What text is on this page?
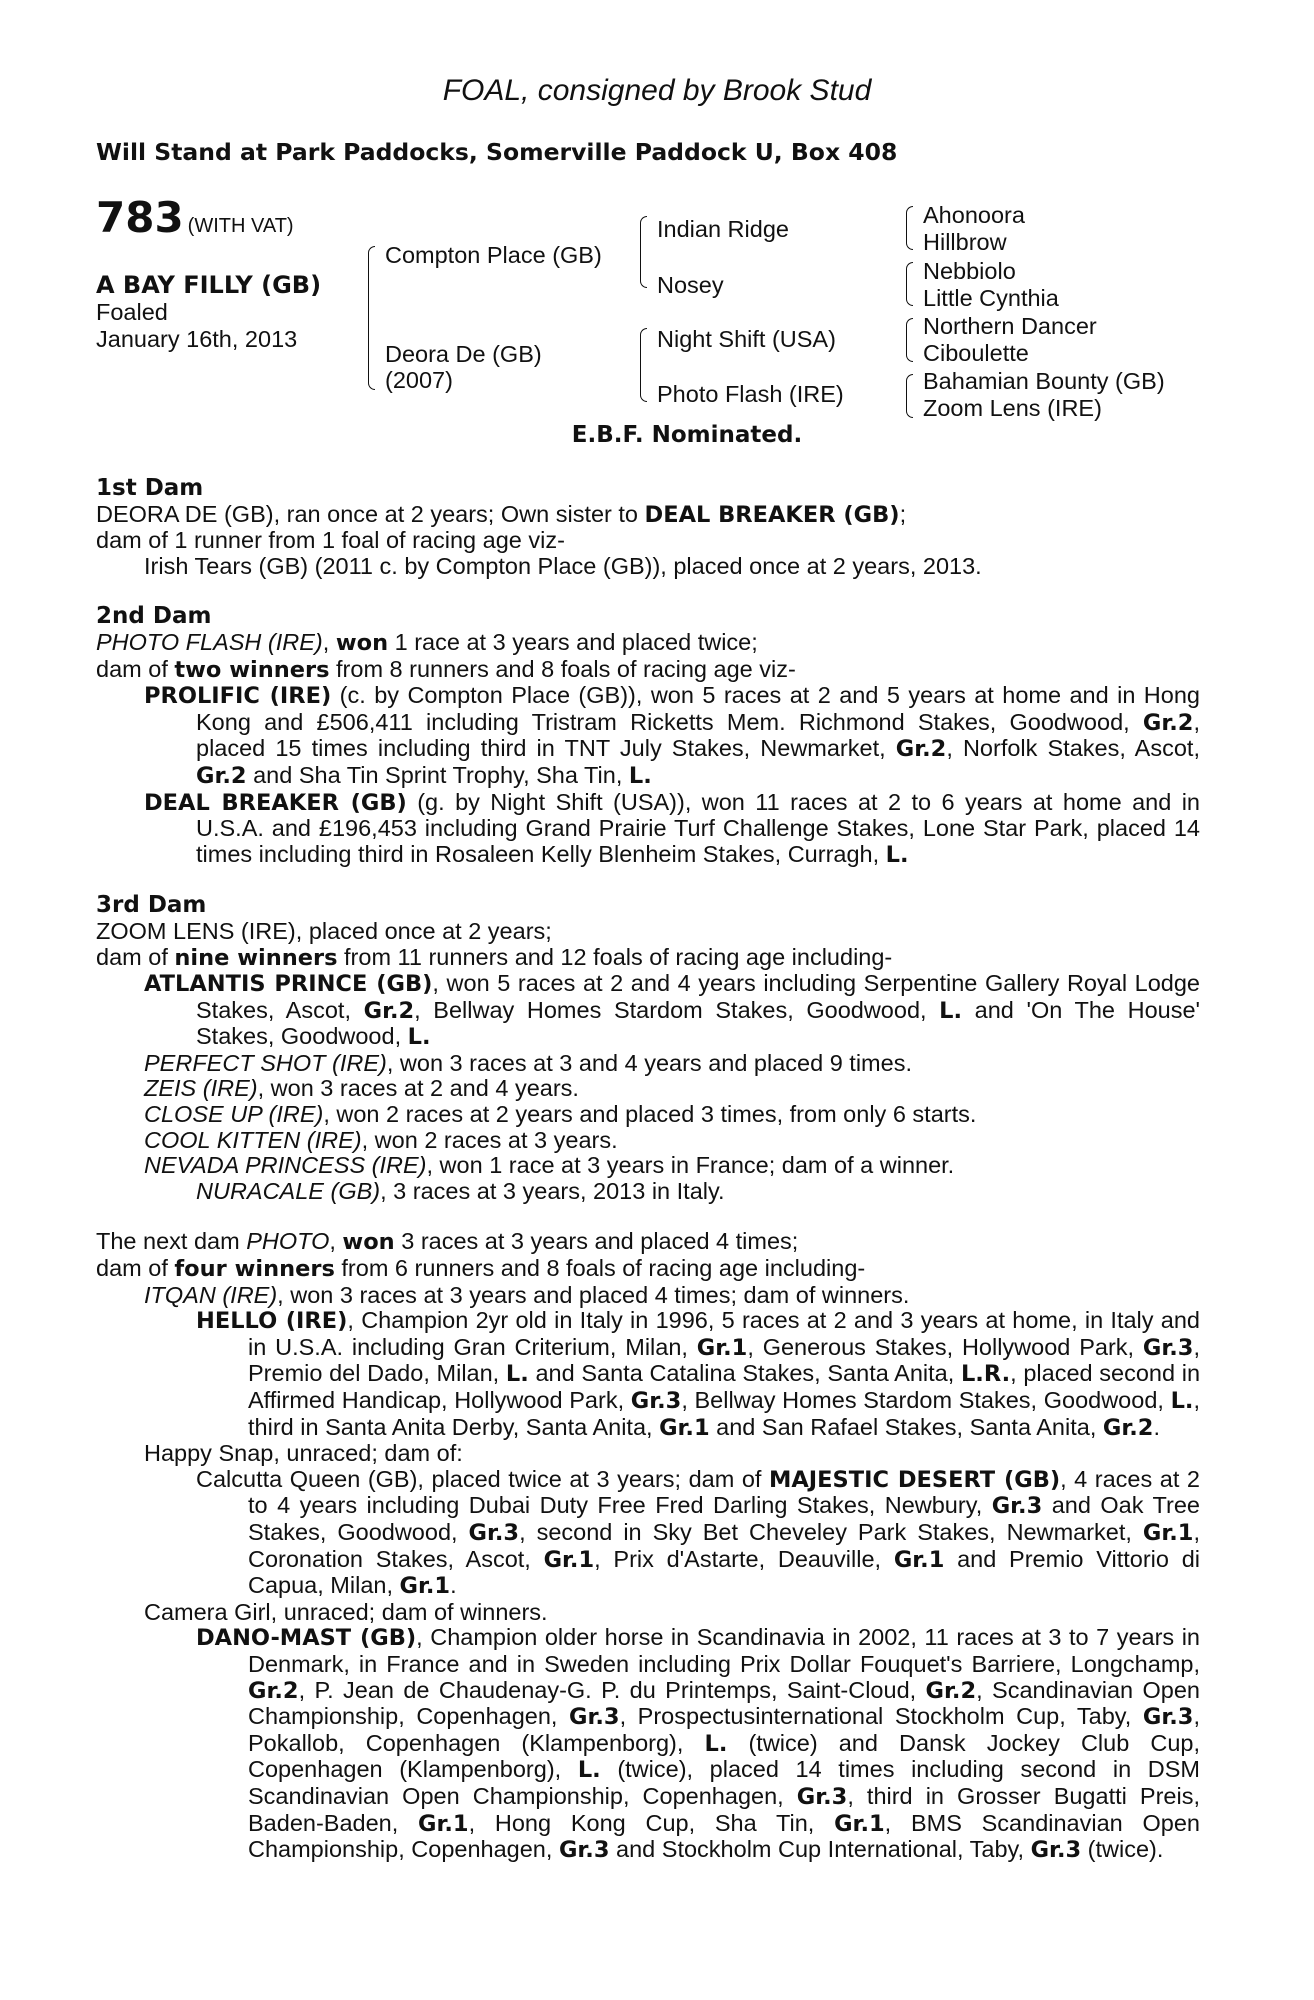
FOAL, consigned by Brook Stud
Will Stand at Park Paddocks, Somerville Paddock U, Box 408
783 (WITH VAT)
A BAY FILLY (GB)
Foaled
January 16th, 2013
Compton Place (GB)
Deora De (GB)
(2007)
Indian Ridge
Nosey
Night Shift (USA)
Photo Flash (IRE)
Ahonoora
Hillbrow
Nebbiolo
Little Cynthia
Northern Dancer
Ciboulette
Bahamian Bounty (GB)
Zoom Lens (IRE)
E.B.F. Nominated.

1st Dam

DEORA DE (GB), ran once at 2 years; Own sister to DEAL BREAKER (GB);

dam of 1 runner from 1 foal of racing age viz-

Irish Tears (GB) (2011 c. by Compton Place (GB)), placed once at 2 years, 2013.

2nd Dam

PHOTO FLASH (IRE), won 1 race at 3 years and placed twice;

dam of two winners from 8 runners and 8 foals of racing age viz-

PROLIFIC (IRE) (c. by Compton Place (GB)), won 5 races at 2 and 5 years at home and in Hong Kong and £506,411 including Tristram Ricketts Mem. Richmond Stakes, Goodwood, Gr.2, placed 15 times including third in TNT July Stakes, Newmarket, Gr.2, Norfolk Stakes, Ascot, Gr.2 and Sha Tin Sprint Trophy, Sha Tin, L.

DEAL BREAKER (GB) (g. by Night Shift (USA)), won 11 races at 2 to 6 years at home and in U.S.A. and £196,453 including Grand Prairie Turf Challenge Stakes, Lone Star Park, placed 14 times including third in Rosaleen Kelly Blenheim Stakes, Curragh, L.

3rd Dam

ZOOM LENS (IRE), placed once at 2 years;

dam of nine winners from 11 runners and 12 foals of racing age including-

ATLANTIS PRINCE (GB), won 5 races at 2 and 4 years including Serpentine Gallery Royal Lodge Stakes, Ascot, Gr.2, Bellway Homes Stardom Stakes, Goodwood, L. and 'On The House' Stakes, Goodwood, L.

PERFECT SHOT (IRE), won 3 races at 3 and 4 years and placed 9 times.

ZEIS (IRE), won 3 races at 2 and 4 years.

CLOSE UP (IRE), won 2 races at 2 years and placed 3 times, from only 6 starts.

COOL KITTEN (IRE), won 2 races at 3 years.

NEVADA PRINCESS (IRE), won 1 race at 3 years in France; dam of a winner.

NURACALE (GB), 3 races at 3 years, 2013 in Italy.

The next dam PHOTO, won 3 races at 3 years and placed 4 times;

dam of four winners from 6 runners and 8 foals of racing age including-

ITQAN (IRE), won 3 races at 3 years and placed 4 times; dam of winners.

HELLO (IRE), Champion 2yr old in Italy in 1996, 5 races at 2 and 3 years at home, in Italy and in U.S.A. including Gran Criterium, Milan, Gr.1, Generous Stakes, Hollywood Park, Gr.3, Premio del Dado, Milan, L. and Santa Catalina Stakes, Santa Anita, L.R., placed second in Affirmed Handicap, Hollywood Park, Gr.3, Bellway Homes Stardom Stakes, Goodwood, L., third in Santa Anita Derby, Santa Anita, Gr.1 and San Rafael Stakes, Santa Anita, Gr.2.

Happy Snap, unraced; dam of:

Calcutta Queen (GB), placed twice at 3 years; dam of MAJESTIC DESERT (GB), 4 races at 2 to 4 years including Dubai Duty Free Fred Darling Stakes, Newbury, Gr.3 and Oak Tree Stakes, Goodwood, Gr.3, second in Sky Bet Cheveley Park Stakes, Newmarket, Gr.1, Coronation Stakes, Ascot, Gr.1, Prix d'Astarte, Deauville, Gr.1 and Premio Vittorio di Capua, Milan, Gr.1.

Camera Girl, unraced; dam of winners.

DANO-MAST (GB), Champion older horse in Scandinavia in 2002, 11 races at 3 to 7 years in Denmark, in France and in Sweden including Prix Dollar Fouquet's Barriere, Longchamp, Gr.2, P. Jean de Chaudenay-G. P. du Printemps, Saint-Cloud, Gr.2, Scandinavian Open Championship, Copenhagen, Gr.3, Prospectusinternational Stockholm Cup, Taby, Gr.3, Pokallob, Copenhagen (Klampenborg), L. (twice) and Dansk Jockey Club Cup, Copenhagen (Klampenborg), L. (twice), placed 14 times including second in DSM Scandinavian Open Championship, Copenhagen, Gr.3, third in Grosser Bugatti Preis, Baden-Baden, Gr.1, Hong Kong Cup, Sha Tin, Gr.1, BMS Scandinavian Open Championship, Copenhagen, Gr.3 and Stockholm Cup International, Taby, Gr.3 (twice).
